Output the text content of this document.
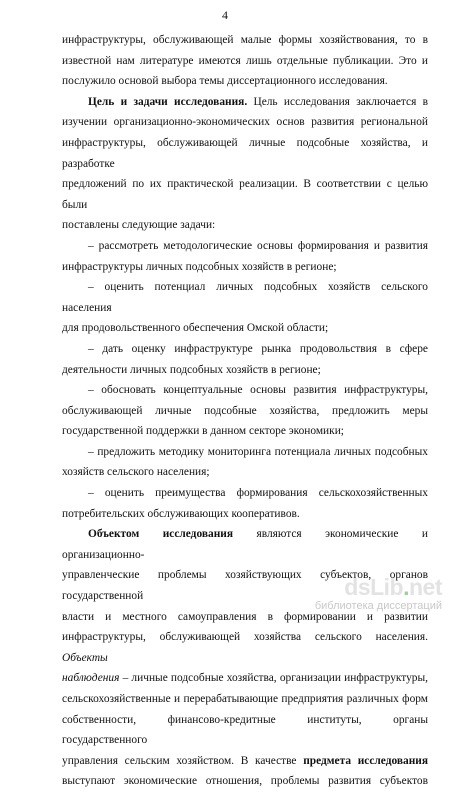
4

инфраструктуры, обслуживающей малые формы хозяйствования, то в

известной нам литературе имеются лишь отдельные публикации. Это и

послужило основой выбора темы диссертационного исследования.

Цель и задачи исследования. Цель исследования заключается в

изучении организационно-экономических основ развития региональной

инфраструктуры, обслуживающей личные подсобные хозяйства, и разработке

предложений по их практической реализации. В соответствии с целью были

поставлены следующие задачи:

– рассмотреть методологические основы формирования и развития

инфраструктуры личных подсобных хозяйств в регионе;

– оценить потенциал личных подсобных хозяйств сельского населения

для продовольственного обеспечения Омской области;

– дать оценку инфраструктуре рынка продовольствия в сфере

деятельности личных подсобных хозяйств в регионе;

– обосновать концептуальные основы развития инфраструктуры,

обслуживающей личные подсобные хозяйства, предложить меры

государственной поддержки в данном секторе экономики;

– предложить методику мониторинга потенциала личных подсобных

хозяйств сельского населения;

– оценить преимущества формирования сельскохозяйственных

потребительских обслуживающих кооперативов.

Объектом исследования являются экономические и организационно-

управленческие проблемы хозяйствующих субъектов, органов государственной

власти и местного самоуправления в формировании и развитии

инфраструктуры, обслуживающей хозяйства сельского населения. Объекты

наблюдения – личные подсобные хозяйства, организации инфраструктуры,

сельскохозяйственные и перерабатывающие предприятия различных форм

собственности, финансово-кредитные институты, органы государственного

управления сельским хозяйством. В качестве предмета исследования

выступают экономические отношения, проблемы развития субъектов

dsLib.net
библиотека диссертаций
